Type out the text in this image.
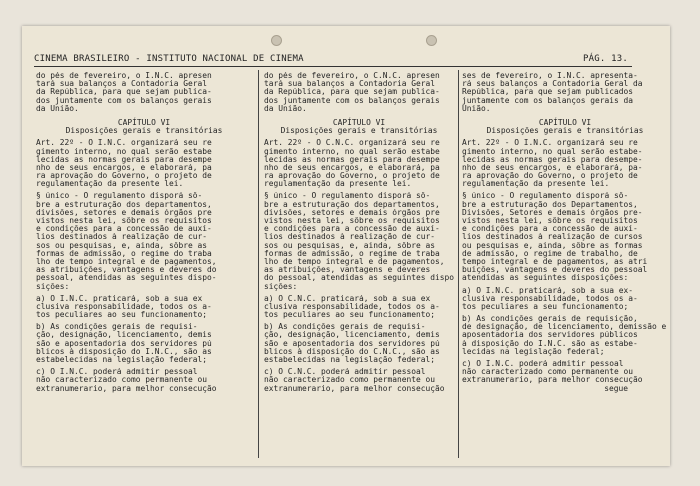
CINEMA BRASILEIRO - INSTITUTO NACIONAL DE CINEMA	PÁG. 13.
do pés de fevereiro, o I.N.C. apresen
tará sua balanços a Contadoria Geral
da República, para que sejam publica-
dos juntamente com os balanços gerais
da União.
CAPÍTULO VI
Disposições gerais e transitórias
Art. 22º - O I.N.C. organizará seu re
gimento interno, no qual serão estabe
lecidas as normas gerais para desempe
nho de seus encargos, e elaborará, pa
ra aprovação do Governo, o projeto de
regulamentação da presente lei.
§ único - O regulamento disporá sô-
bre a estruturação dos departamentos,
divisões, setores e demais órgãos pre
vistos nesta lei, sôbre os requisitos
e condições para a concessão de auxí-
lios destinados à realização de cur-
sos ou pesquisas, e, ainda, sôbre as
formas de admissão, o regime do traba
lho de tempo integral e de pagamentos,
as atribuições, vantagens e deveres do
pessoal, atendidas as seguintes dispo-
sições:
a) O I.N.C. praticará, sob a sua ex
clusiva responsabilidade, todos os a-
tos peculiares ao seu funcionamento;
b) As condições gerais de requisi-
ção, designação, licenciamento, demis
são e aposentadoria dos servidores pú
blicos à disposição do I.N.C., são as
estabelecidas na legislação federal;
c) O I.N.C. poderá admitir pessoal
não caracterizado como permanente ou
extranumerario, para melhor consecução
do pés de fevereiro, o C.N.C. apresen
tará sua balanços a Contadoria Geral
da República, para que sejam publica-
dos juntamente com os balanços gerais
da União.
CAPÍTULO VI
Disposições gerais e transitórias
Art. 22º - O C.N.C. organizará seu re
gimento interno, no qual serão estabe
lecidas as normas gerais para desempe
nho de seus encargos, e elaborará, pa
ra aprovação do Governo, o projeto de
regulamentação da presente lei.
§ único - O regulamento disporá sô-
bre a estruturação dos departamentos,
divisões, setores e demais órgãos pre
vistos nesta lei, sôbre os requisitos
e condições para a concessão de auxí-
lios destinados à realização de cur-
sos ou pesquisas, e, ainda, sôbre as
formas de admissão, o regime de traba
lho de tempo integral e de pagamentos,
as atribuições, vantagens e deveres
do pessoal, atendidas as seguintes dispo
sições:
a) O C.N.C. praticará, sob a sua ex
clusiva responsabilidade, todos os a-
tos peculiares ao seu funcionamento;
b) As condições gerais de requisi-
ção, designação, licenciamento, demis
são e aposentadoria dos servidores pú
blicos à disposição do C.N.C., são as
estabelecidas na legislação federal;
c) O C.N.C. poderá admitir pessoal
não caracterizado como permanente ou
extranumerario, para melhor consecução
ses de fevereiro, o I.N.C. apresenta-
rá seus balanços a Contadoria Geral da
República, para que sejam publicados
juntamente com os balanços gerais da
União.
CAPÍTULO VI
Disposições gerais e transitórias
Art. 22º - O I.N.C. organizará seu re
gimento interno, no qual serão estabe-
lecidas as normas gerais para desempe-
nho de seus encargos, e elaborará, pa-
ra aprovação do Governo, o projeto de
regulamentação da presente lei.
§ único - O regulamento disporá sô-
bre a estruturação dos Departamentos,
Divisões, Setores e demais órgãos pre-
vistos nesta lei, sôbre os requisitos
e condições para a concessão de auxí-
lios destinados à realização de cursos
ou pesquisas e, ainda, sôbre as formas
de admissão, o regime de trabalho, de
tempo integral e de pagamentos, as atri
buições, vantagens e deveres do pessoal
atendidas as seguintes disposições:
a) O I.N.C. praticará, sob a sua ex-
clusiva responsabilidade, todos os a-
tos peculiares a seu funcionamento;
b) As condições gerais de requisição,
de designação, de licenciamento, demissão e
aposentadoria dos servidores públicos
à disposição do I.N.C. são as estabe-
lecidas na legislação federal;
c) O I.N.C. poderá admitir pessoal
não caracterizado como permanente ou
extranumerario, para melhor consecução
segue
